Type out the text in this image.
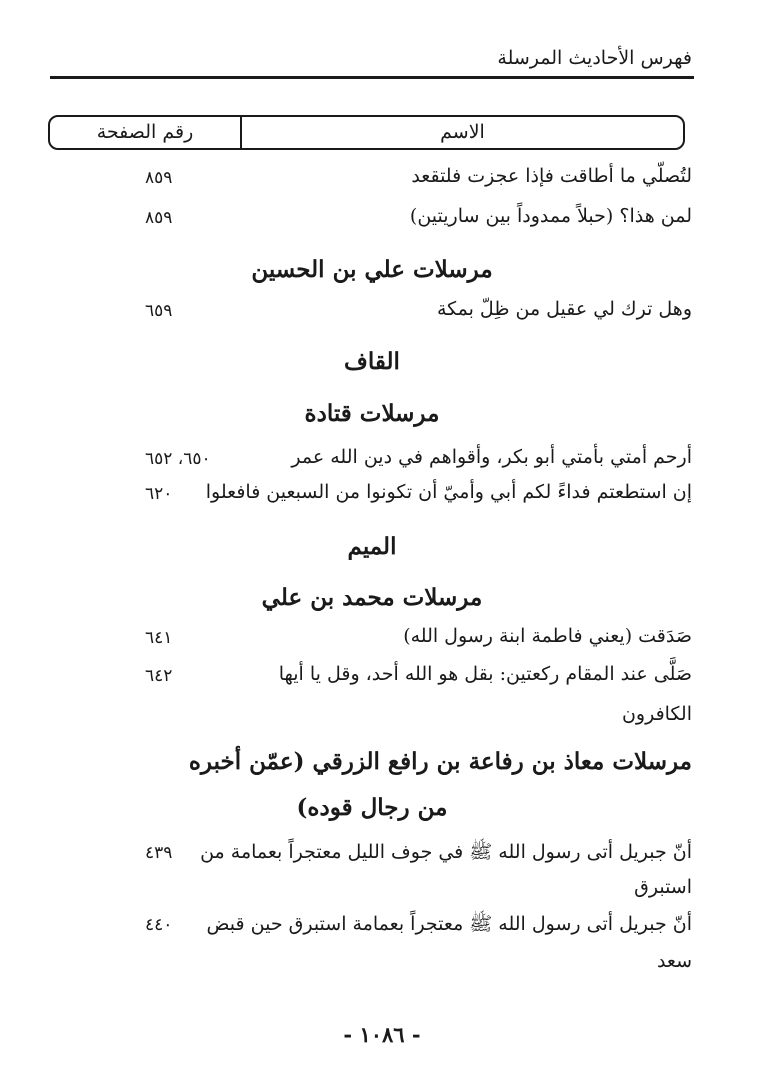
فهرس الأحاديث المرسلة
الاسم
رقم الصفحة
لتُصلّي ما أطاقت فإذا عجزت فلتقعد
٨٥٩
لمن هذا؟ (حبلاً ممدوداً بين ساريتين)
٨٥٩
مرسلات علي بن الحسين
وهل ترك لي عقيل من ظِلّ بمكة
٦٥٩
القاف
مرسلات قتادة
أرحم أمتي بأمتي أبو بكر، وأقواهم في دين الله عمر
٦٥٠، ٦٥٢
إن استطعتم فداءً لكم أبي وأميّ أن تكونوا من السبعين فافعلوا
٦٢٠
الميم
مرسلات محمد بن علي
صَدَقت (يعني فاطمة ابنة رسول الله)
٦٤١
صَلَّى عند المقام ركعتين: بقل هو الله أحد، وقل يا أيها
٦٤٢
الكافرون
مرسلات معاذ بن رفاعة بن رافع الزرقي (عمّن أخبره
من رجال قوده)
أنّ جبريل أتى رسول الله ﷺ في جوف الليل معتجراً بعمامة من
٤٣٩
استبرق
أنّ جبريل أتى رسول الله ﷺ معتجراً بعمامة استبرق حين قبض
٤٤٠
سعد
- ١٠٨٦ -
